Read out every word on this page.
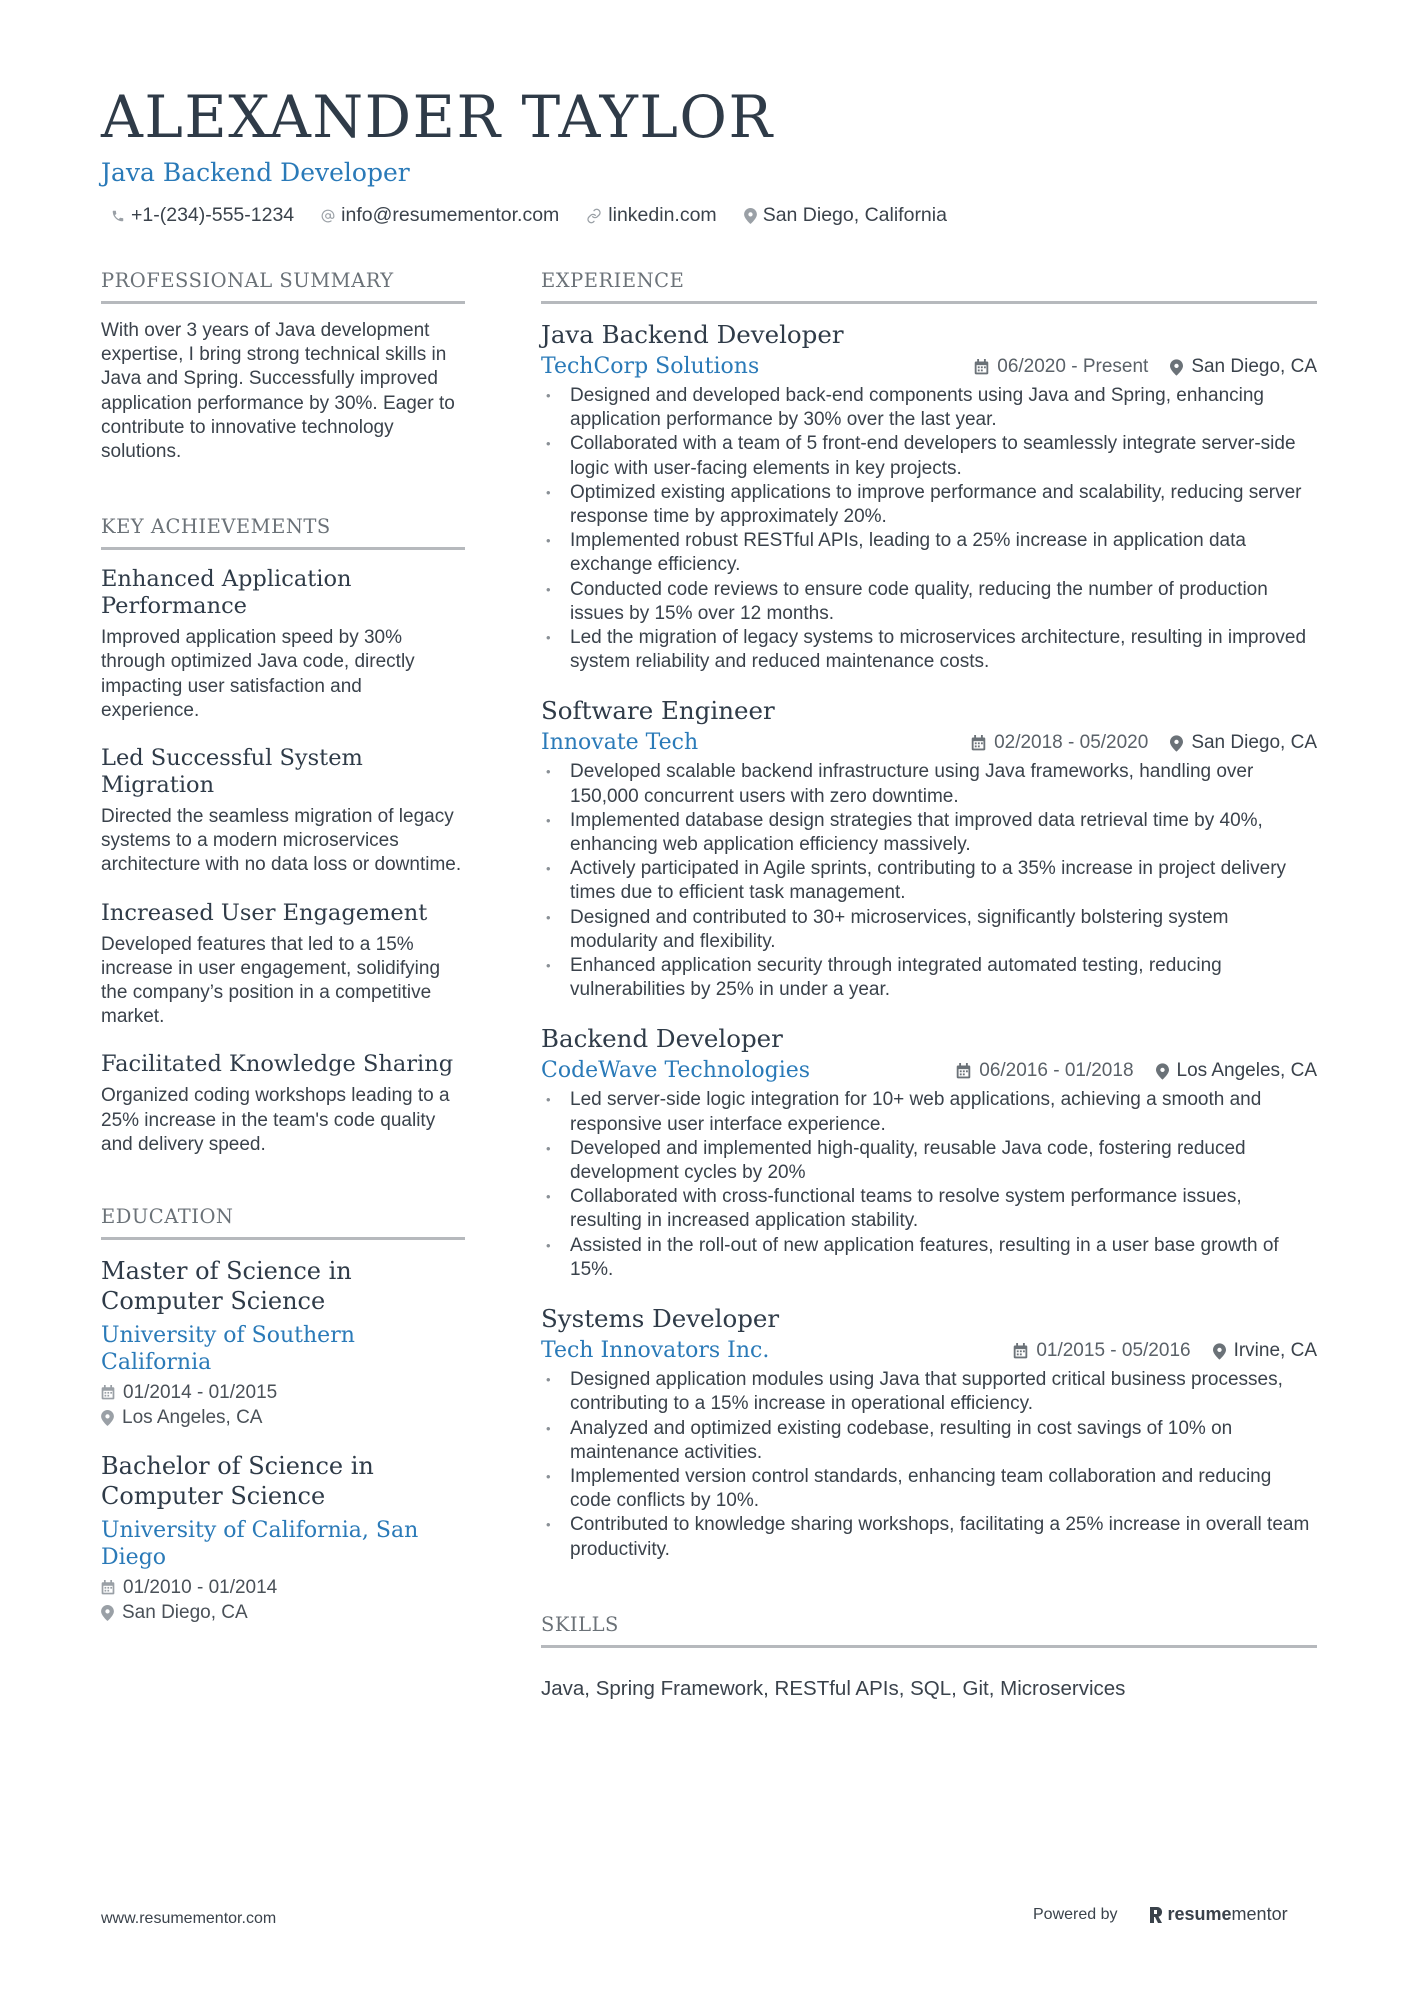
ALEXANDER TAYLOR
Java Backend Developer
+1-(234)-555-1234 info@resumementor.com	linkedin.com San Diego, California
PROFESSIONAL SUMMARY

With over 3 years of Java development expertise, I bring strong technical skills in Java and Spring. Successfully improved application performance by 30%. Eager to contribute to innovative technology solutions.

KEY ACHIEVEMENTS
Enhanced Application Performance
Improved application speed by 30% through optimized Java code, directly impacting user satisfaction and experience.
Led Successful System Migration
Directed the seamless migration of legacy systems to a modern microservices architecture with no data loss or downtime.
Increased User Engagement
Developed features that led to a 15% increase in user engagement, solidifying the company’s position in a competitive market.
Facilitated Knowledge Sharing
Organized coding workshops leading to a 25% increase in the team's code quality and delivery speed.
EDUCATION
Master of Science in Computer Science
University of Southern California
01/2014 - 01/2015
Los Angeles, CA
Bachelor of Science in Computer Science
University of California, San Diego
01/2010 - 01/2014
San Diego, CA
EXPERIENCE
Java Backend Developer
TechCorp Solutions	06/2020 - Present San Diego, CA
• Designed and developed back-end components using Java and Spring, enhancing application performance by 30% over the last year.
• Collaborated with a team of 5 front-end developers to seamlessly integrate server-side logic with user-facing elements in key projects.
• Optimized existing applications to improve performance and scalability, reducing server response time by approximately 20%.
• Implemented robust RESTful APIs, leading to a 25% increase in application data exchange efficiency.
• Conducted code reviews to ensure code quality, reducing the number of production issues by 15% over 12 months.
• Led the migration of legacy systems to microservices architecture, resulting in improved system reliability and reduced maintenance costs.
Software Engineer
Innovate Tech	02/2018 - 05/2020 San Diego, CA
• Developed scalable backend infrastructure using Java frameworks, handling over 150,000 concurrent users with zero downtime.
• Implemented database design strategies that improved data retrieval time by 40%, enhancing web application efficiency massively.
• Actively participated in Agile sprints, contributing to a 35% increase in project delivery times due to efficient task management.
• Designed and contributed to 30+ microservices, significantly bolstering system modularity and flexibility.
• Enhanced application security through integrated automated testing, reducing vulnerabilities by 25% in under a year.
Backend Developer
CodeWave Technologies	06/2016 - 01/2018 Los Angeles, CA
• Led server-side logic integration for 10+ web applications, achieving a smooth and responsive user interface experience.
• Developed and implemented high-quality, reusable Java code, fostering reduced development cycles by 20%
• Collaborated with cross-functional teams to resolve system performance issues, resulting in increased application stability.
• Assisted in the roll-out of new application features, resulting in a user base growth of 15%.
Systems Developer
Tech Innovators Inc.	01/2015 - 05/2016 Irvine, CA
• Designed application modules using Java that supported critical business processes, contributing to a 15% increase in operational efficiency.
• Analyzed and optimized existing codebase, resulting in cost savings of 10% on maintenance activities.
• Implemented version control standards, enhancing team collaboration and reducing code conflicts by 10%.
• Contributed to knowledge sharing workshops, facilitating a 25% increase in overall team productivity.
SKILLS
Java, Spring Framework, RESTful APIs, SQL, Git, Microservices
www.resumementor.com	Powered by	resume mentor
